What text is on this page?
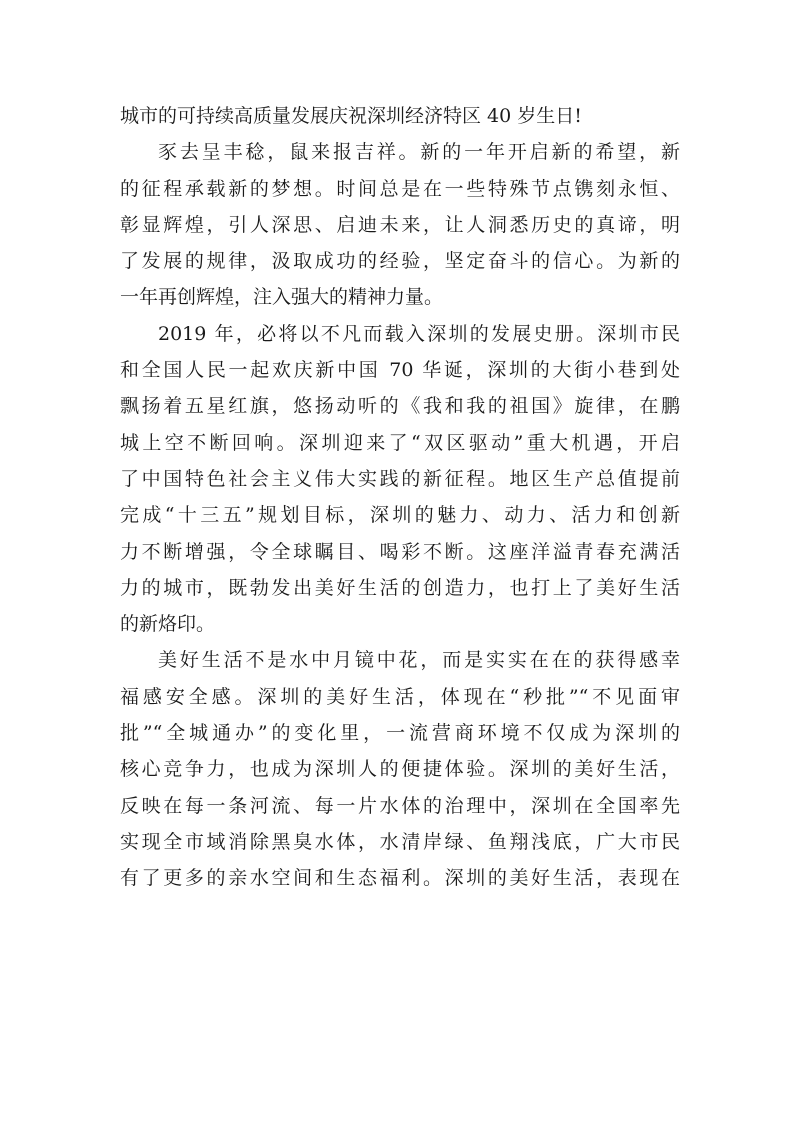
城市的可持续高质量发展庆祝深圳经济特区 40 岁生日!
豕去呈丰稔，鼠来报吉祥。新的一年开启新的希望，新
的征程承载新的梦想。时间总是在一些特殊节点镌刻永恒、
彰显辉煌，引人深思、启迪未来，让人洞悉历史的真谛，明
了发展的规律，汲取成功的经验，坚定奋斗的信心。为新的
一年再创辉煌，注入强大的精神力量。
2019 年，必将以不凡而载入深圳的发展史册。深圳市民
和全国人民一起欢庆新中国 70 华诞，深圳的大街小巷到处
飘扬着五星红旗，悠扬动听的《我和我的祖国》旋律，在鹏
城上空不断回响。深圳迎来了“双区驱动”重大机遇，开启
了中国特色社会主义伟大实践的新征程。地区生产总值提前
完成“十三五”规划目标，深圳的魅力、动力、活力和创新
力不断增强，令全球瞩目、喝彩不断。这座洋溢青春充满活
力的城市，既勃发出美好生活的创造力，也打上了美好生活
的新烙印。
美好生活不是水中月镜中花，而是实实在在的获得感幸
福感安全感。深圳的美好生活，体现在“秒批”“不见面审
批”“全城通办”的变化里，一流营商环境不仅成为深圳的
核心竞争力，也成为深圳人的便捷体验。深圳的美好生活，
反映在每一条河流、每一片水体的治理中，深圳在全国率先
实现全市域消除黑臭水体，水清岸绿、鱼翔浅底，广大市民
有了更多的亲水空间和生态福利。深圳的美好生活，表现在
